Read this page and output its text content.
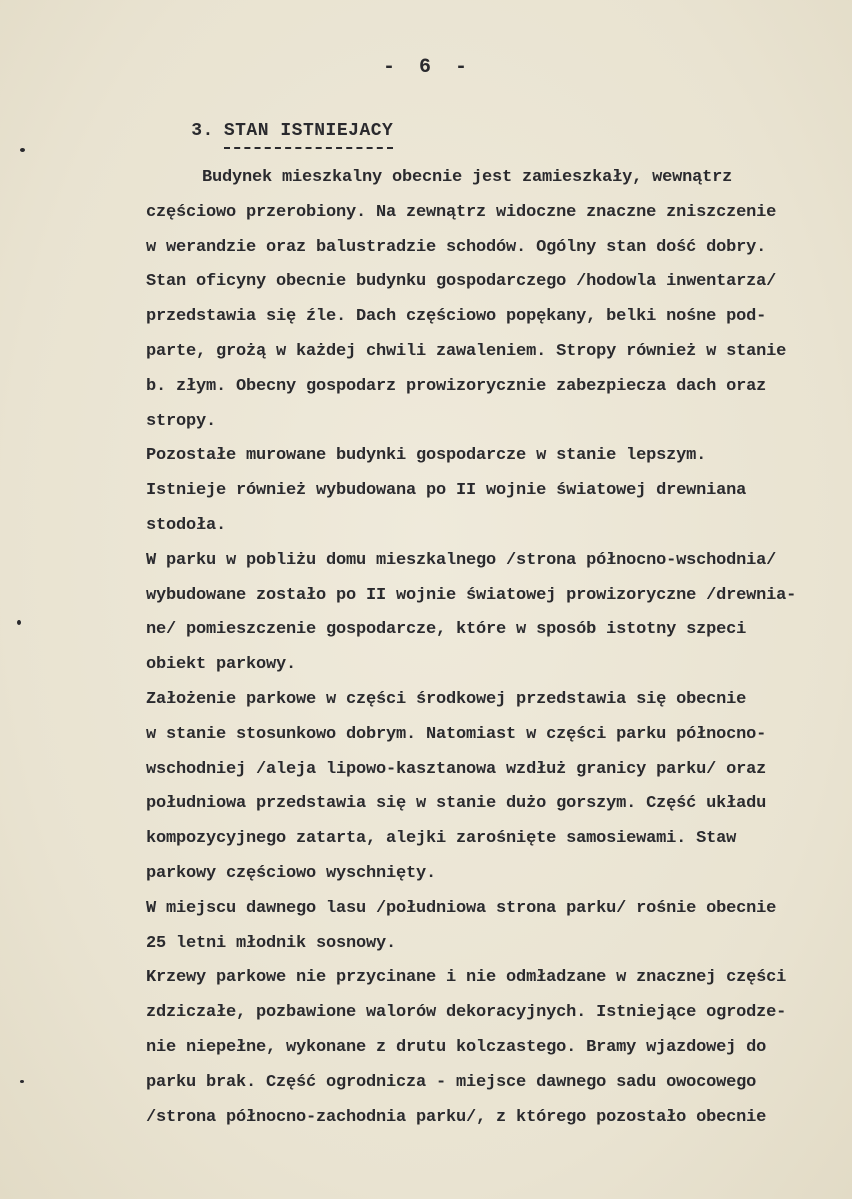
- 6 -

3. STAN ISTNIEJACY

Budynek mieszkalny obecnie jest zamieszkały, wewnątrz
częściowo przerobiony. Na zewnątrz widoczne znaczne zniszczenie
w werandzie oraz balustradzie schodów. Ogólny stan dość dobry.
Stan oficyny obecnie budynku gospodarczego /hodowla inwentarza/
przedstawia się źle. Dach częściowo popękany, belki nośne pod-
parte, grożą w każdej chwili zawaleniem. Stropy również w stanie
b. złym. Obecny gospodarz prowizorycznie zabezpiecza dach oraz
stropy.
Pozostałe murowane budynki gospodarcze w stanie lepszym.
Istnieje również wybudowana po II wojnie światowej drewniana
stodoła.
W parku w pobliżu domu mieszkalnego /strona północno-wschodnia/
wybudowane zostało po II wojnie światowej prowizoryczne /drewnia-
ne/ pomieszczenie gospodarcze, które w sposób istotny szpeci
obiekt parkowy.
Założenie parkowe w części środkowej przedstawia się obecnie
w stanie stosunkowo dobrym. Natomiast w części parku północno-
wschodniej /aleja lipowo-kasztanowa wzdłuż granicy parku/ oraz
południowa przedstawia się w stanie dużo gorszym. Część układu
kompozycyjnego zatarta, alejki zarośnięte samosiewami. Staw
parkowy częściowo wyschnięty.
W miejscu dawnego lasu /południowa strona parku/ rośnie obecnie
25 letni młodnik sosnowy.
Krzewy parkowe nie przycinane i nie odmładzane w znacznej części
zdziczałe, pozbawione walorów dekoracyjnych. Istniejące ogrodze-
nie niepełne, wykonane z drutu kolczastego. Bramy wjazdowej do
parku brak. Część ogrodnicza - miejsce dawnego sadu owocowego
/strona północno-zachodnia parku/, z którego pozostało obecnie
